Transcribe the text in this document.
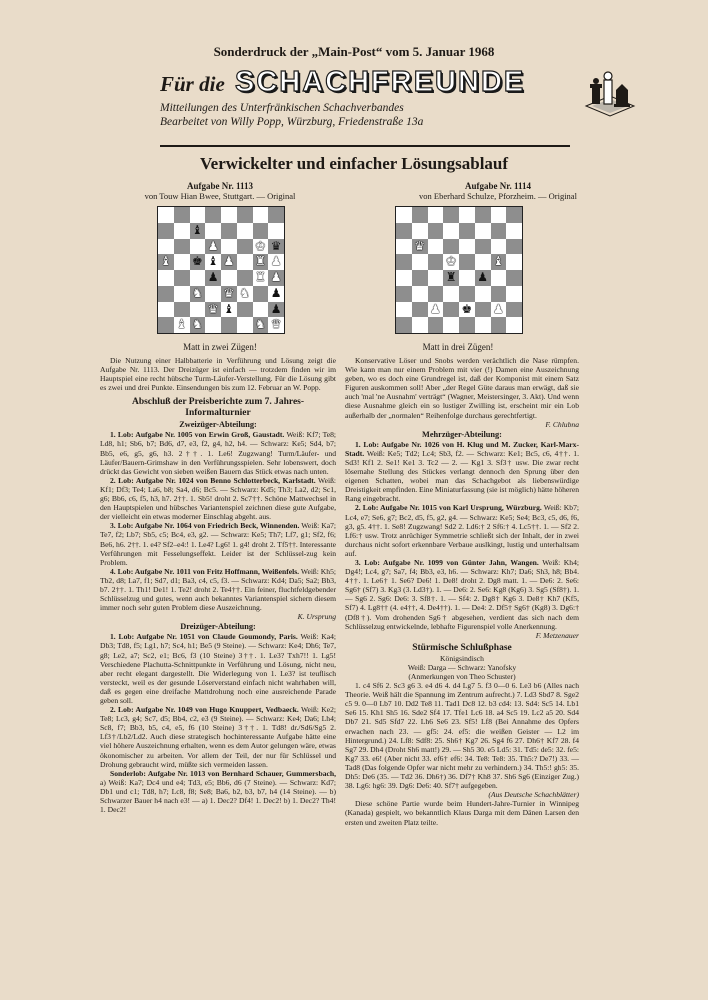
Sonderdruck der „Main-Post“ vom 5. Januar 1968
Für die SCHACHFREUNDE
Mitteilungen des Unterfränkischen Schachverbandes
Bearbeitet von Willy Popp, Würzburg, Friedenstraße 13a
Verwickelter und einfacher Lösungsablauf
Aufgabe Nr. 1113
von Touw Hian Bwee, Stuttgart. — Original
Aufgabe Nr. 1114
von Eberhard Schulze, Pforzheim. — Original
♝
♟	♚ ♛
♝ ♚ ♝ ♟ ♜ ♟
♟	♜ ♟
♞ ♛ ♞ ♟
♛ ♝	♟
♝ ♞	♞ ♛
♛
♚	♝
♜ ♟
♟ ♚ ♟
Matt in zwei Zügen!	Matt in drei Zügen!

Die Nutzung einer Halbbatterie in Verführung und Lösung zeigt die Aufgabe Nr. 1113. Der Dreizüger ist einfach — trotzdem finden wir im Hauptspiel eine recht hübsche Turm-Läufer-Verstellung. Für die Lösung gibt es zwei und drei Punkte. Einsendungen bis zum 12. Februar an W. Popp.

Abschluß der Preisberichte zum 7. Jahres-Informalturnier
Zweizüger-Abteilung:

1. Lob: Aufgabe Nr. 1005 von Erwin Groß, Gaustadt. Weiß: Kf7; Te8; Ld8, h1; Sb6, b7; Bd6, d7, e3, f2, g4, h2, h4. — Schwarz: Ke5; Sd4, b7; Bb5, e6, g5, g6, h3. 2††. 1. Le6! Zugzwang! Turm/Läufer- und Läufer/Bauern-Grimshaw in den Verführungsspielen. Sehr lobenswert, doch drückt das Gewicht von sieben weißen Bauern das Stück etwas nach unten.

2. Lob: Aufgabe Nr. 1024 von Benno Schlotterbeck, Karlstadt. Weiß: Kf1; Df3; Te4; La6, b8; Sa4, d6; Bc5. — Schwarz: Kd5; Th3; La2, d2; Sc1, g6; Bb6, c6, f5, h3, h7. 2††. 1. Sb5! droht 2. Sc7††. Schöne Mattwechsel in den Hauptspielen und hübsches Variantenspiel zeichnen diese gute Aufgabe, der vielleicht ein etwas moderner Einschlag abgeht. aus.

3. Lob: Aufgabe Nr. 1064 von Friedrich Beck, Winnenden. Weiß: Ka7; Te7, f2; Lb7; Sb5, c5; Bc4, e3, g2. — Schwarz: Ke5; Th7; Lf7, g1; Sf2, f6; Be6, h6. 2††. 1. e4? Sf2–e4:! 1. Le4? Lg6! 1. g4! droht 2. Tf5††. Interessante Verführungen mit Fesselungseffekt. Leider ist der Schlüssel-zug kein Problem.

4. Lob: Aufgabe Nr. 1011 von Fritz Hoffmann, Weißenfels. Weiß: Kh5; Tb2, d8; La7, f1; Sd7, d1; Ba3, c4, c5, f3. — Schwarz: Kd4; Da5; Sa2; Bb3, b7. 2††. 1. Th1! De1! 1. Te2! droht 2. Te4††. Ein feiner, fluchtfeldgebender Schlüsselzug und gutes, wenn auch bekanntes Variantenspiel sichern diesem immer noch sehr guten Problem diese Auszeichnung.

K. Ursprung
Dreizüger-Abteilung:

1. Lob: Aufgabe Nr. 1051 von Claude Goumondy, Paris. Weiß: Ka4; Db3; Td8, f5; Lg1, h7; Sc4, h1; Be5 (9 Steine). — Schwarz: Ke4; Dh6; Te7, g8; Le2, a7; Sc2, e1; Bc6, f3 (10 Steine) 3††. 1. Le3? Txh7!! 1. Lg5! Verschiedene Plachutta-Schnittpunkte in Verführung und Lösung, nicht neu, aber recht elegant dargestellt. Die Widerlegung von 1. Le3? ist teuflisch versteckt, weil es der gesunde Löserverstand einfach nicht wahrhaben will, daß es gegen eine dreifache Mattdrohung noch eine ausreichende Parade geben soll.

2. Lob: Aufgabe Nr. 1049 von Hugo Knuppert, Vedbaeck. Weiß: Ke2; Te8; Lc3, g4; Sc7, d5; Bb4, c2, e3 (9 Steine). — Schwarz: Ke4; Da6; Lh4; Sc8, f7; Bb3, b5, c4, e5, f6 (10 Steine) 3††. 1. Td8! dr./Sd6/Sg5 2. Lf3†/Lb2/Ld2. Auch diese strategisch hochinteressante Aufgabe hätte eine viel höhere Auszeichnung erhalten, wenn es dem Autor gelungen wäre, etwas ökonomischer zu arbeiten. Vor allem der Teil, der nur für Schlüssel und Drohung gebraucht wird, müßte sich vermeiden lassen.

Sonderlob: Aufgabe Nr. 1013 von Bernhard Schauer, Gummersbach, a) Weiß: Ka7; Dc4 und e4; Td3, e5; Bb6, d6 (7 Steine). — Schwarz: Kd7; Db1 und c1; Td8, h7; Lc8, f8; Se8; Ba6, b2, b3, b7, h4 (14 Steine). — b) Schwarzer Bauer h4 nach e3! — a) 1. Dec2? Df4! 1. Dec2! b) 1. Dec2? Th4! 1. Dec2!

Konservative Löser und Snobs werden verächtlich die Nase rümpfen. Wie kann man nur einem Problem mit vier (!) Damen eine Auszeichnung geben, wo es doch eine Grundregel ist, daß der Komponist mit einem Satz Figuren auskommen soll! Aber „der Regel Güte daraus man erwägt, daß sie auch 'mal 'ne Ausnahm' verträgt“ (Wagner, Meistersinger, 3. Akt). Und wenn diese Ausnahme gleich ein so lustiger Zwilling ist, erscheint mir ein Lob außerhalb der „normalen“ Reihenfolge durchaus gerechtfertigt.

F. Chlubna
Mehrzüger-Abteilung:

1. Lob: Aufgabe Nr. 1026 von H. Klug und M. Zucker, Karl-Marx-Stadt. Weiß: Ke5; Td2; Lc4; Sb3, f2. — Schwarz: Ke1; Bc5, c6, 4††. 1. Sd3! Kf1 2. Se1! Ke1 3. Tc2 — 2. — Kg1 3. Sf3† usw. Die zwar recht lösernahe Stellung des Stückes verlangt dennoch den Sprung über den eigenen Schatten, wobei man das Schachgebot als liebenswürdige Dreistigkeit empfinden. Eine Miniaturfassung (sie ist möglich) hätte höheren Rang eingebracht.

2. Lob: Aufgabe Nr. 1015 von Karl Ursprung, Würzburg. Weiß: Kb7; Lc4, e7; Se6, g7; Bc2, d5, f5, g2, g4. — Schwarz: Ke5; Se4; Bc3, c5, d6, f6, g3, g5. 4††. 1. Se8! Zugzwang! Sd2 2. Ld6:† 2 Sf6:† 4. Lc5††. 1. — Sf2 2. Lf6:† usw. Trotz anrüchiger Symmetrie schließt sich der Inhalt, der in zwei durchaus nicht sofort erkennbare Verbaue auslkingt, lustig und unterhaltsam auf.

3. Lob: Aufgabe Nr. 1099 von Günter Jahn, Wangen. Weiß: Kh4; Dg4!; Lc4, g7; Sa7, f4; Bb3, e3, h6. — Schwarz: Kh7; Da6; Sh3, h8; Bb4. 4††. 1. Le6† 1. Se6? De6! 1. De8! droht 2. Dg8 matt. 1. — De6: 2. Se6: Sg6† (Sf7) 3. Kg3 (3. Ld3†). 1. — De6: 2. Se6: Kg8 (Kg6) 3. Sg5 (Sf8†). 1. — Sg6 2. Sg6: De6: 3. Sf8†. 1. — Sf4: 2. Dg8† Kg6 3. De8† Kh7 (Kf5, Sf7) 4. Lg8†† (4. e4††, 4. De4††). 1. — De4: 2. Df5† Sg6† (Kg8) 3. Dg6:† (Df8†). Vom drohenden Sg6† abgesehen, verdient das sich nach dem Schlüsselzug entwickelnde, lebhafte Figurenspiel volle Anerkennung.

F. Metzenauer
Stürmische Schlußphase
Königsindisch
Weiß: Darga — Schwarz: Yanofsky
(Anmerkungen von Theo Schuster)

1. c4 Sf6 2. Sc3 g6 3. e4 d6 4. d4 Lg7 5. f3 0—0 6. Le3 b6 (Alles nach Theorie. Weiß hält die Spannung im Zentrum aufrecht.) 7. Ld3 Sbd7 8. Sge2 c5 9. 0—0 Lb7 10. Dd2 Te8 11. Tad1 Dc8 12. b3 cd4: 13. Sd4: Sc5 14. Lb1 Se6 15. Kh1 Sh5 16. Sde2 Sf4 17. Tfe1 Lc6 18. a4 Sc5 19. Lc2 a5 20. Sd4 Db7 21. Sd5 Sfd7 22. Lh6 Se6 23. Sf5! Lf8 (Bei Annahme des Opfers erwachen nach 23. — gf5: 24. ef5: die weißen Geister — L2 im Hintergrund.) 24. Lf8: Sdf8: 25. Sh6† Kg7 26. Sg4 f6 27. Dh6† Kf7 28. f4 Sg7 29. Dh4 (Droht Sh6 matt!) 29. — Sh5 30. e5 Ld5: 31. Td5: de5: 32. fe5: Kg7 33. e6! (Aber nicht 33. ef6† ef6: 34. Te8: Te8: 35. Th5:? De7!) 33. — Tad8 (Das folgende Opfer war nicht mehr zu verhindern.) 34. Th5:! gh5: 35. Dh5: De6 (35. — Td2 36. Dh6†) 36. Df7† Kh8 37. Sh6 Sg6 (Einziger Zug.) 38. Lg6: hg6: 39. Dg6: De6: 40. Sf7† aufgegeben.

(Aus Deutsche Schachblätter)

Diese schöne Partie wurde beim Hundert-Jahre-Turnier in Winnipeg (Kanada) gespielt, wo bekanntlich Klaus Darga mit dem Dänen Larsen den ersten und zweiten Platz teilte.
